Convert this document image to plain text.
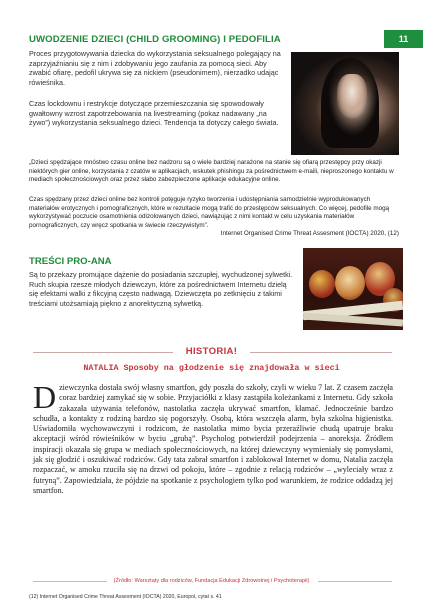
UWODZENIE DZIECI (CHILD GROOMING) I PEDOFILIA	11
Proces przygotowywania dziecka do wykorzystania seksualnego polegający na zaprzyjaźnianiu się z nim i zdobywaniu jego zaufania za pomocą sieci. Aby zwabić ofiarę, pedofil ukrywa się za nickiem (pseudonimem), nierzadko udając rówieśnika.
Czas lockdownu i restrykcje dotyczące przemieszczania się spowodowały gwałtowny wzrost zapotrzebowania na livestreaming (pokaz nadawany „na żywo”) wykorzystania seksualnego dzieci. Tendencja ta dotyczy całego świata.
„Dzieci spędzające mnóstwo czasu online bez nadzoru są o wiele bardziej narażone na stanie się ofiarą przestępcy przy okazji niektórych gier online, korzystania z czatów w aplikacjach, wskutek phishingu za pośrednictwem e-maili, nieproszonego kontaktu w mediach społecznościowych oraz przez słabo zabezpieczone aplikacje edukacyjne online.
Czas spędzany przez dzieci online bez kontroli potęguje ryzyko tworzenia i udostępniania samodzielnie wyprodukowanych materiałów erotycznych i pornograficznych, które w rezultacie mogą trafić do przestępców seksualnych. Co więcej, pedofile mogą wykorzystywać poczucie osamotnienia odizolowanych dzieci, nawiązując z nimi kontakt w celu uzyskania materiałów pornograficznych, czy wręcz spotkania w świecie rzeczywistym”.
Internet Organised Crime Threat Assesment (IOCTA) 2020, (12)
TREŚCI PRO-ANA
Są to przekazy promujące dążenie do posiadania szczupłej, wychudzonej sylwetki. Ruch skupia rzesze młodych dziewczyn, które za pośrednictwem Internetu dzielą się efektami walki z fikcyjną często nadwagą. Dziewczęta po zetknięciu z takimi treściami utożsamiają piękno z anorektyczną sylwetką.
HISTORIA!
NATALIA Sposoby na głodzenie się znajdowała w sieci
Dziewczynka dostała swój własny smartfon, gdy poszła do szkoły, czyli w wieku 7 lat. Z czasem zaczęła coraz bardziej zamykać się w sobie. Przyjaciółki z klasy zastąpiła koleżankami z Internetu. Gdy szkoła zakazała używania telefonów, nastolatka zaczęła ukrywać smartfon, kłamać. Jednocześnie bardzo schudła, a kontakty z rodziną bardzo się pogorszyły. Osobą, która wszczęła alarm, była szkolna higienistka. Uświadomiła wychowawczyni i rodzicom, że nastolatka mimo bycia przeraźliwie chudą upatruje braku akceptacji wśród rówieśników w byciu „grubą”. Psycholog potwierdził podejrzenia – anoreksja. Źródłem inspiracji okazała się grupa w mediach społecznościowych, na której dziewczyny wymieniały się pomysłami, jak się głodzić i oszukiwać rodziców. Gdy tata zabrał smartfon i zablokował Internet w domu, Natalia zaczęła rozpaczać, w amoku rzuciła się na drzwi od pokoju, które – zgodnie z relacją rodziców – „wyleciały wraz z futryną”. Zapowiedziała, że pójdzie na spotkanie z psychologiem tylko pod warunkiem, że rodzice oddadzą jej smartfon.
(Źródło: Warsztaty dla rodziców, Fundacja Edukacji Zdrowotnej i Psychoterapii)
(12) Internet Organised Crime Threat Assesment (IOCTA) 2020, Europol, cytat s. 41
